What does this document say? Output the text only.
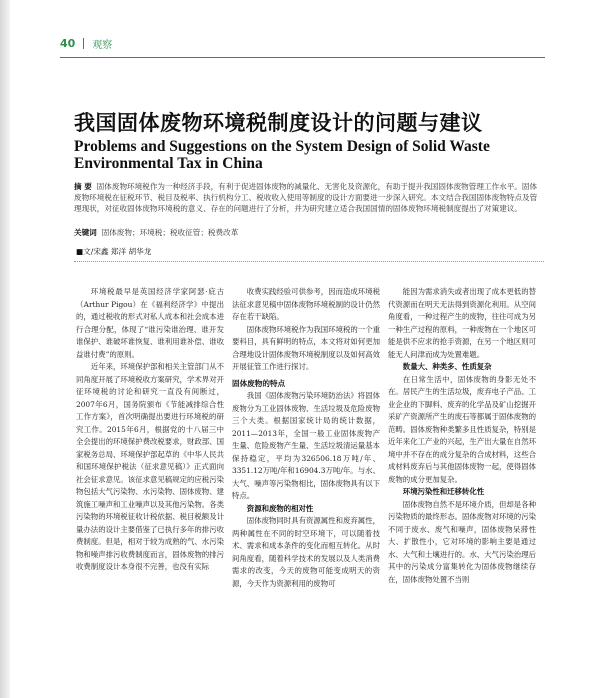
40 观察
我国固体废物环境税制度设计的问题与建议
Problems and Suggestions on the System Design of Solid Waste Environmental Tax in China

摘 要 固体废物环境税作为一种经济手段，有利于促进固体废物的减量化、无害化及资源化，有助于提升我国固体废物管理工作水平。固体废物环境税在征税环节、税目及税率、执行机构分工、税收收入使用等制度的设计方面要进一步深入研究。本文结合我国固体废物特点及管理现状，对征收固体废物环境税的意义、存在的问题进行了分析，并为研究建立适合我国国情的固体废物环境税制度提出了对策建议。

关键词 固体废物；环境税；税收征管；税费改革

■文/宋鑫 郑洋 胡华龙

环境税最早是英国经济学家阿瑟·庇古（Arthur Pigou）在《福利经济学》中提出的，通过税收的形式对私人成本和社会成本进行合理分配，体现了“谁污染谁治理、谁开发谁保护、谁破坏谁恢复、谁利用谁补偿、谁收益谁付费”的原则。

近年来，环境保护部和相关主管部门从不同角度开展了环境税收方案研究，学术界对开征环境税的讨论和研究一直没有间断过，2007年6月，国务院颁布《节能减排综合性工作方案》，首次明确提出要进行环境税的研究工作。2015年6月，根据党的十八届三中全会提出的环境保护费改税要求，财政部、国家税务总局、环境保护部起草的《中华人民共和国环境保护税法（征求意见稿）》正式面向社会征求意见。该征求意见稿规定的应税污染物包括大气污染物、水污染物、固体废物、建筑施工噪声和工业噪声以及其他污染物。各类污染物的环境税征收计税依据、税目税额及计量办法的设计主要借鉴了已执行多年的排污收费制度。但是，相对于较为成熟的气、水污染物和噪声排污收费制度而言，固体废物的排污收费制度设计本身很不完善，也没有实际

收费实践经验可供参考，因而造成环境税法征求意见稿中固体废物环境税制的设计仍然存在若干缺陷。

固体废物环境税作为我国环境税的一个重要科目，具有鲜明的特点，本文将对如何更加合理地设计固体废物环境税制度以及如何高效开展征管工作进行探讨。

固体废物的特点

我国《固体废物污染环境防治法》将固体废物分为工业固体废物、生活垃圾及危险废物三个大类。根据国家统计局的统计数据，2011—2013年，全国一般工业固体废物产生量、危险废物产生量、生活垃圾清运量基本保持稳定，平均为326506.18万吨/年、3351.12万吨/年和16904.3万吨/年。与水、大气、噪声等污染物相比，固体废物具有以下特点。

资源和废物的相对性

固体废物同时具有资源属性和废弃属性，两种属性在不同的时空环境下，可以随着技术、需求和成本条件的变化而相互转化。从时间角度看，随着科学技术的发展以及人类消费需求的改变，今天的废物可能变成明天的资源，今天作为资源利用的废物可

能因为需求消失或者出现了成本更低的替代资源而在明天无法得到资源化利用。从空间角度看，一种过程产生的废物，往往可成为另一种生产过程的原料，一种废物在一个地区可能是供不应求的抢手资源，在另一个地区则可能无人问津而成为处置难题。

数量大、种类多、性质复杂

在日常生活中，固体废物的身影无处不在。居民产生的生活垃圾，废弃电子产品、工业企业的下脚料、废弃的化学品及矿山挖掘开采矿产资源所产生的废石等都属于固体废物的范畴。固体废物种类繁多且性质复杂，特别是近年来化工产业的兴起，生产出大量在自然环境中并不存在的成分复杂的合成材料，这些合成材料废弃后与其他固体废物一起，使得固体废物的成分更加复杂。

环境污染性和迁移转化性

固体废物自然不是环境介质，但却是各种污染物质的最终形态。固体废物对环境的污染不同于废水、废气和噪声，固体废物呆滞性大、扩散性小，它对环境的影响主要是通过水、大气和土壤进行的。水、大气污染治理后其中的污染成分富集转化为固体废物继续存在，固体废物处置不当则
